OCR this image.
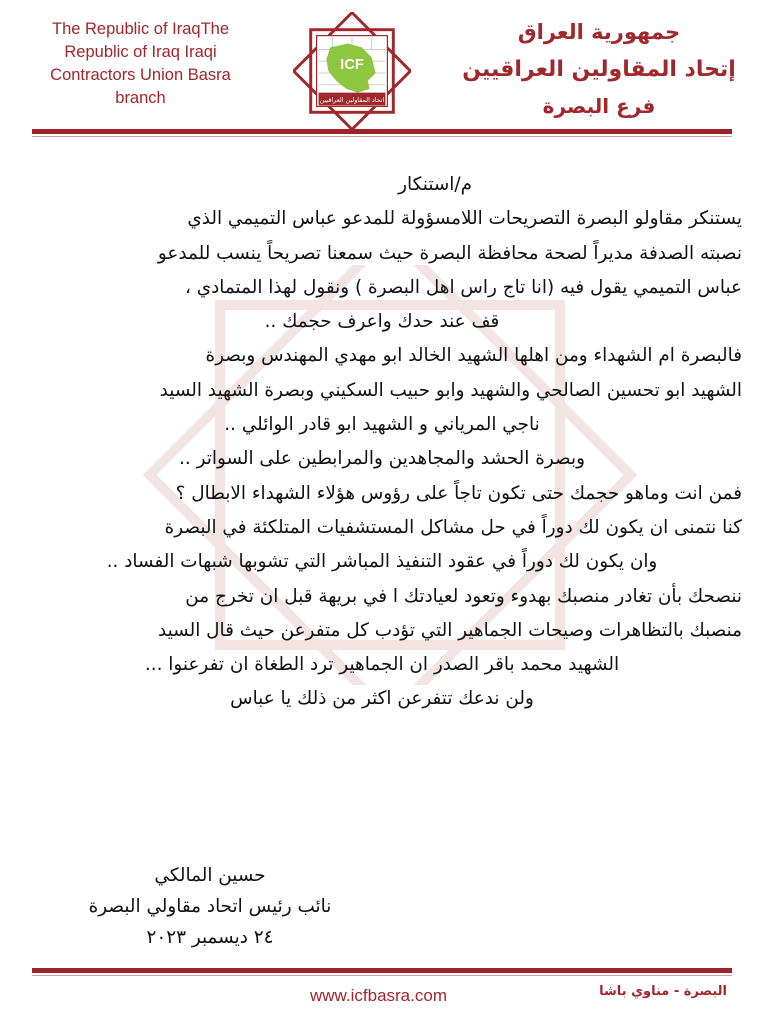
The Republic of IraqThe Republic of Iraq Iraqi Contractors Union Basra branch
ICF
اتحاد المقاولين العراقيين
جمهورية العراق
إتحاد المقاولين العراقيين
فرع البصرة
م/استنكار
يستنكر مقاولو البصرة التصريحات اللامسؤولة للمدعو عباس التميمي الذي
نصبته الصدفة مديراً لصحة محافظة البصرة حيث سمعنا تصريحاً ينسب للمدعو
عباس التميمي يقول فيه (انا تاج راس اهل البصرة ) ونقول لهذا المتمادي ،
قف عند حدك واعرف حجمك ..
فالبصرة ام الشهداء ومن اهلها الشهيد الخالد ابو مهدي المهندس وبصرة
الشهيد ابو تحسين الصالحي والشهيد وابو حبيب السكيني وبصرة الشهيد السيد
ناجي المرياني و الشهيد ابو قادر الوائلي ..
وبصرة الحشد والمجاهدين والمرابطين على السواتر ..
فمن انت وماهو حجمك حتى تكون تاجاً على رؤوس هؤلاء الشهداء الابطال ؟
كنا نتمنى ان يكون لك دوراً في حل مشاكل المستشفيات المتلكئة في البصرة
وان يكون لك دوراً في عقود التنفيذ المباشر التي تشوبها شبهات الفساد ..
ننصحك بأن تغادر منصبك بهدوء وتعود لعيادتك ا في بريهة قبل ان تخرج من
منصبك بالتظاهرات وصيحات الجماهير التي تؤدب كل متفرعن حيث قال السيد
الشهيد محمد باقر الصدر ان الجماهير ترد الطغاة ان تفرعنوا ...
ولن ندعك تتفرعن اكثر من ذلك يا عباس
حسين المالكي
نائب رئيس اتحاد مقاولي البصرة
٢٤ ديسمبر ٢٠٢٣
www.icfbasra.com	البصرة - مناوي باشا
